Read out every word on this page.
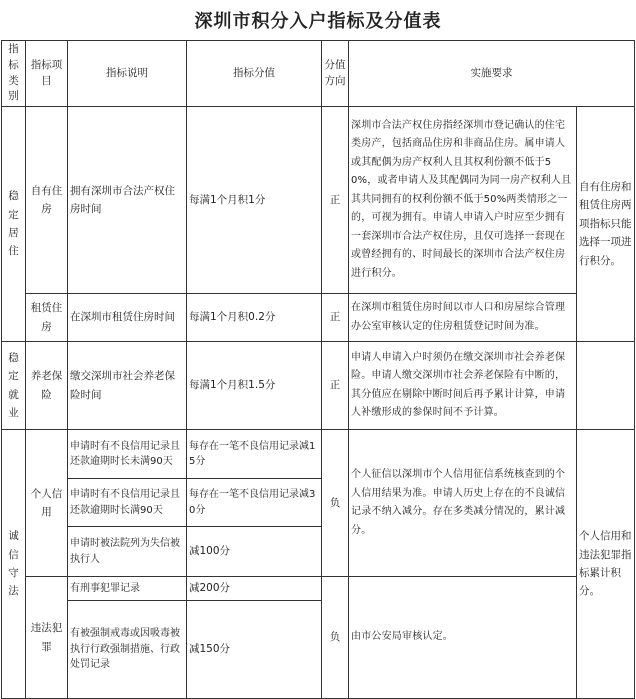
深圳市积分入户指标及分值表
指标类别	指标项目	指标说明	指标分值	分值方向	实施要求	
稳定居住	自有住房	拥有深圳市合法产权住房时间	每满1个月积1分	正	深圳市合法产权住房指经深圳市登记确认的住宅类房产，包括商品住房和非商品住房。属申请人或其配偶为房产权利人且其权利份额不低于50%，或者申请人及其配偶同为同一房产权利人且其共同拥有的权利份额不低于50%两类情形之一的，可视为拥有。申请人申请入户时应至少拥有一套深圳市合法产权住房，且仅可选择一套现在或曾经拥有的、时间最长的深圳市合法产权住房进行积分。	自有住房和租赁住房两项指标只能选择一项进行积分。
	租赁住房	在深圳市租赁住房时间	每满1个月积0.2分	正	在深圳市租赁住房时间以市人口和房屋综合管理办公室审核认定的住房租赁登记时间为准。	
稳定就业	养老保险	缴交深圳市社会养老保险时间	每满1个月积1.5分	正	申请人申请入户时须仍在缴交深圳市社会养老保险。申请人缴交深圳市社会养老保险有中断的，其分值应在剔除中断时间后再予累计计算，申请人补缴形成的参保时间不予计算。	
诚信守法	个人信用	申请时有不良信用记录且还款逾期时长未满90天	每存在一笔不良信用记录减15分	负	个人征信以深圳市个人信用征信系统核查到的个人信用结果为准。申请人历史上存在的不良诚信记录不纳入减分。存在多类减分情况的，累计减分。	个人信用和违法犯罪指标累计积分。
		申请时有不良信用记录且还款逾期时长满90天	每存在一笔不良信用记录减30分			
		申请时被法院列为失信被执行人	减100分			
	违法犯罪	有刑事犯罪记录	减200分	负	由市公安局审核认定。	
		有被强制戒毒或因吸毒被执行行政强制措施、行政处罚记录	减150分			
